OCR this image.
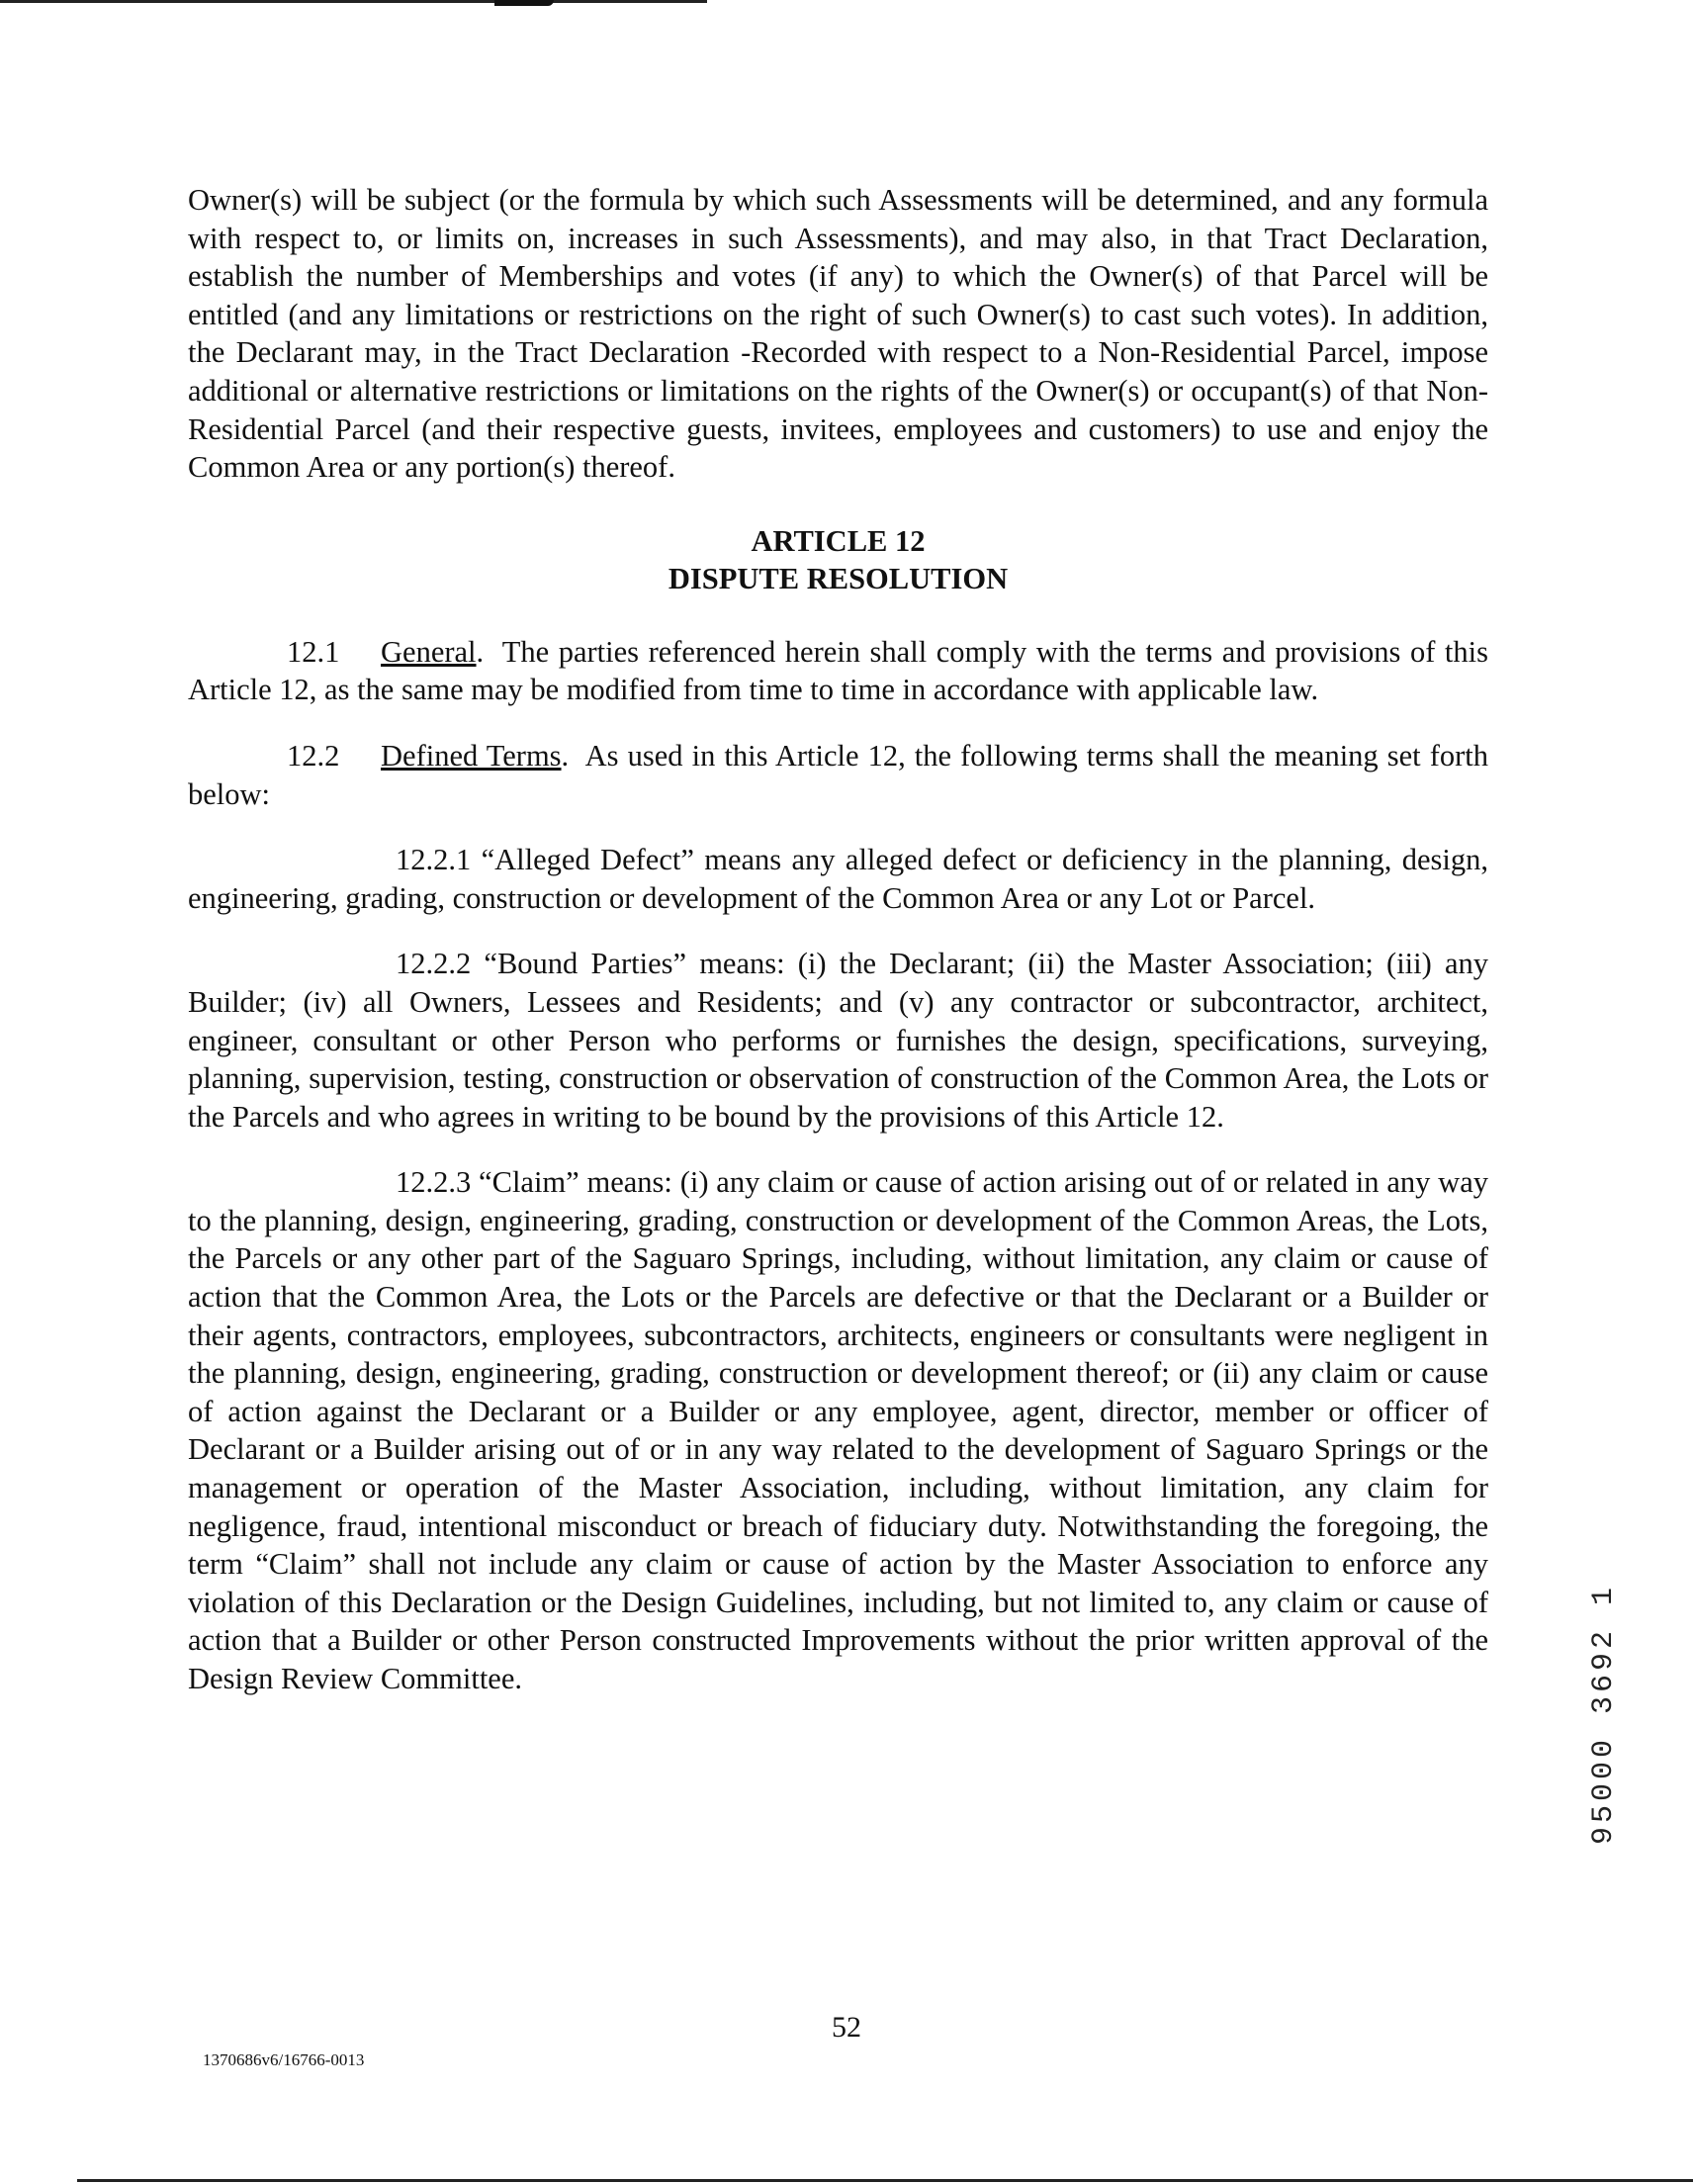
Owner(s) will be subject (or the formula by which such Assessments will be determined, and any formula with respect to, or limits on, increases in such Assessments), and may also, in that Tract Declaration, establish the number of Memberships and votes (if any) to which the Owner(s) of that Parcel will be entitled (and any limitations or restrictions on the right of such Owner(s) to cast such votes). In addition, the Declarant may, in the Tract Declaration -Recorded with respect to a Non-Residential Parcel, impose additional or alternative restrictions or limitations on the rights of the Owner(s) or occupant(s) of that Non-Residential Parcel (and their respective guests, invitees, employees and customers) to use and enjoy the Common Area or any portion(s) thereof.

ARTICLE 12
DISPUTE RESOLUTION

12.1 General.  The parties referenced herein shall comply with the terms and provisions of this Article 12, as the same may be modified from time to time in accordance with applicable law.

12.2 Defined Terms.  As used in this Article 12, the following terms shall the meaning set forth below:

12.2.1 “Alleged Defect” means any alleged defect or deficiency in the planning, design, engineering, grading, construction or development of the Common Area or any Lot or Parcel.

12.2.2 “Bound Parties” means: (i) the Declarant; (ii) the Master Association; (iii) any Builder; (iv) all Owners, Lessees and Residents; and (v) any contractor or subcontractor, architect, engineer, consultant or other Person who performs or furnishes the design, specifications, surveying, planning, supervision, testing, construction or observation of construction of the Common Area, the Lots or the Parcels and who agrees in writing to be bound by the provisions of this Article 12.

12.2.3 “Claim” means: (i) any claim or cause of action arising out of or related in any way to the planning, design, engineering, grading, construction or development of the Common Areas, the Lots, the Parcels or any other part of the Saguaro Springs, including, without limitation, any claim or cause of action that the Common Area, the Lots or the Parcels are defective or that the Declarant or a Builder or their agents, contractors, employees, subcontractors, architects, engineers or consultants were negligent in the planning, design, engineering, grading, construction or development thereof; or (ii) any claim or cause of action against the Declarant or a Builder or any employee, agent, director, member or officer of Declarant or a Builder arising out of or in any way related to the development of Saguaro Springs or the management or operation of the Master Association, including, without limitation, any claim for negligence, fraud, intentional misconduct or breach of fiduciary duty. Notwithstanding the foregoing, the term “Claim” shall not include any claim or cause of action by the Master Association to enforce any violation of this Declaration or the Design Guidelines, including, but not limited to, any claim or cause of action that a Builder or other Person constructed Improvements without the prior written approval of the Design Review Committee.	95000 3692 1
52
1370686v6/16766-0013
